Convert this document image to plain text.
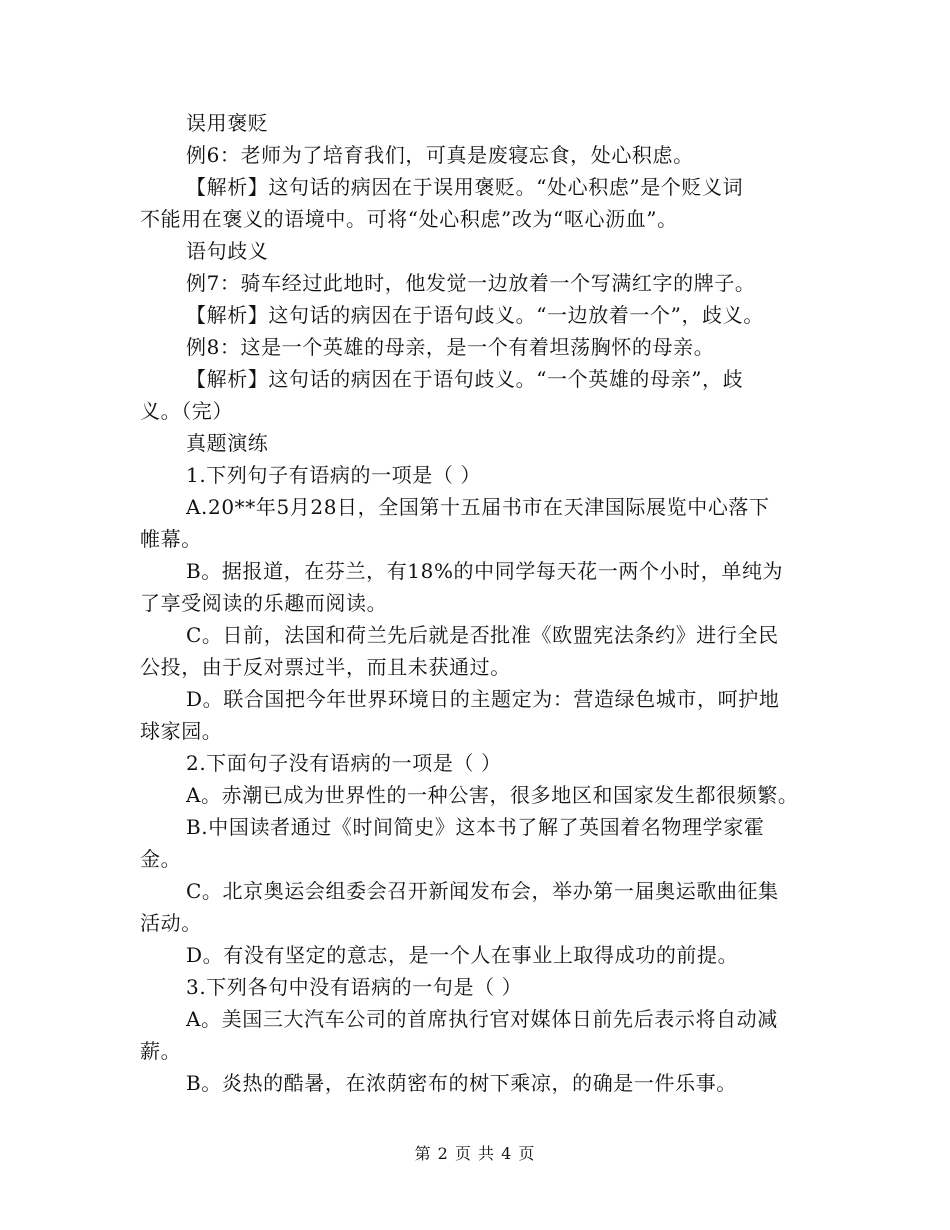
误用褒贬
例6：老师为了培育我们，可真是废寝忘食，处心积虑。
【解析】这句话的病因在于误用褒贬。“处心积虑”是个贬义词
不能用在褒义的语境中。可将“处心积虑”改为“呕心沥血”。
语句歧义
例7：骑车经过此地时，他发觉一边放着一个写满红字的牌子。
【解析】这句话的病因在于语句歧义。“一边放着一个”，歧义。
例8：这是一个英雄的母亲，是一个有着坦荡胸怀的母亲。
【解析】这句话的病因在于语句歧义。“一个英雄的母亲”，歧
义。（完）
真题演练
1.下列句子有语病的一项是（ ）
A.20**年5月28日，全国第十五届书市在天津国际展览中心落下
帷幕。
B。据报道，在芬兰，有18%的中同学每天花一两个小时，单纯为
了享受阅读的乐趣而阅读。
C。日前，法国和荷兰先后就是否批准《欧盟宪法条约》进行全民
公投，由于反对票过半，而且未获通过。
D。联合国把今年世界环境日的主题定为：营造绿色城市，呵护地
球家园。
2.下面句子没有语病的一项是（ ）
A。赤潮已成为世界性的一种公害，很多地区和国家发生都很频繁。
B.中国读者通过《时间简史》这本书了解了英国着名物理学家霍
金。
C。北京奥运会组委会召开新闻发布会，举办第一届奥运歌曲征集
活动。
D。有没有坚定的意志，是一个人在事业上取得成功的前提。
3.下列各句中没有语病的一句是（ ）
A。美国三大汽车公司的首席执行官对媒体日前先后表示将自动减
薪。
B。炎热的酷暑，在浓荫密布的树下乘凉，的确是一件乐事。
第 2 页 共 4 页
